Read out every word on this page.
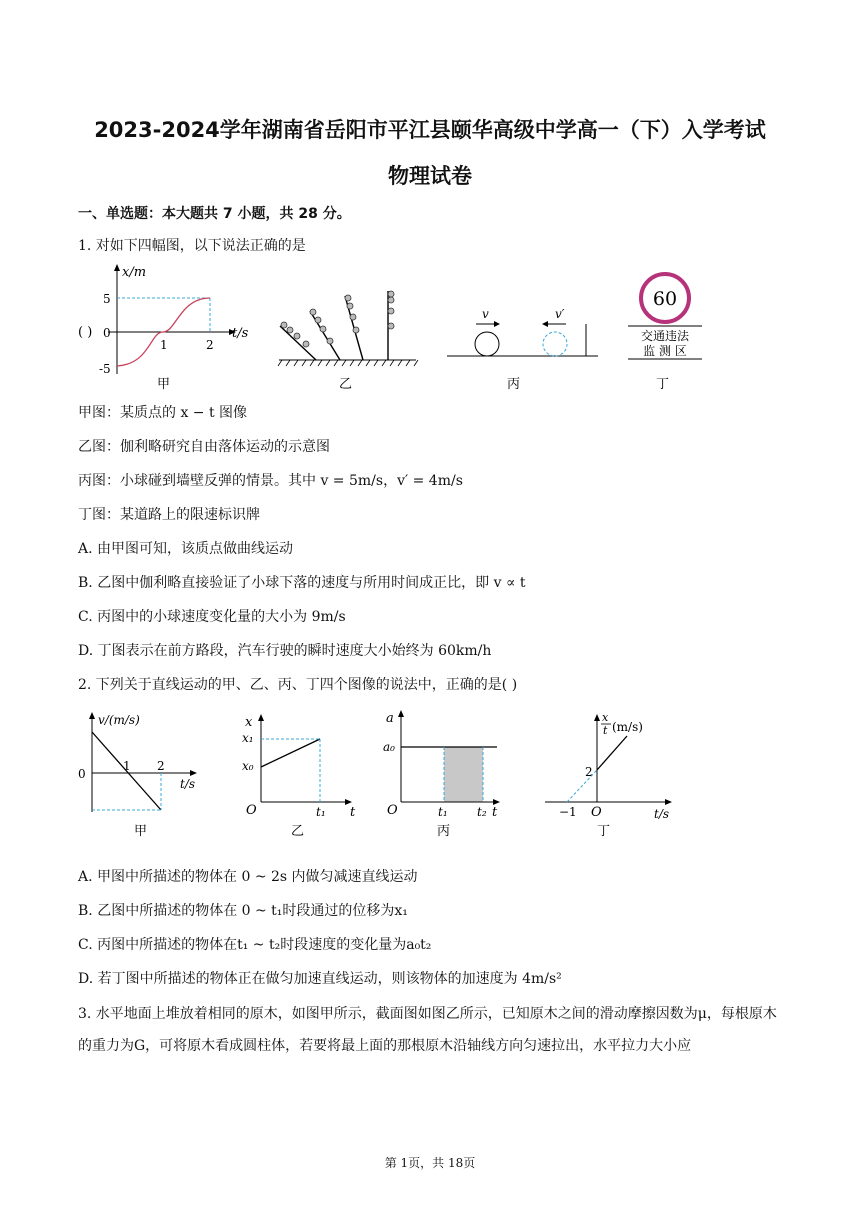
2023-2024学年湖南省岳阳市平江县颐华高级中学高一（下）入学考试
物理试卷
一、单选题：本大题共 7 小题，共 28 分。
1. 对如下四幅图，以下说法正确的是
( )
x/m
t/s
5
0
-5
1	2
甲	乙
v	v′
丙
60
交通违法
监 测 区
丁
甲图：某质点的 x − t 图像
乙图：伽利略研究自由落体运动的示意图
丙图：小球碰到墙壁反弹的情景。其中 v = 5m/s，v′ = 4m/s
丁图：某道路上的限速标识牌
A. 由甲图可知，该质点做曲线运动
B. 乙图中伽利略直接验证了小球下落的速度与所用时间成正比，即 v ∝ t
C. 丙图中的小球速度变化量的大小为 9m/s
D. 丁图表示在前方路段，汽车行驶的瞬时速度大小始终为 60km/h
2. 下列关于直线运动的甲、乙、丙、丁四个图像的说法中，正确的是( )
v/(m/s)
t/s
0
1 2
甲
x
t
O
x₁
x₀
t₁
乙
a
t
O
a₀
t₁ t₂
丙
x
t (m/s)
t/s
O
2
−1
丁
A. 甲图中所描述的物体在 0 ~ 2s 内做匀减速直线运动
B. 乙图中所描述的物体在 0 ~ t₁时段通过的位移为x₁
C. 丙图中所描述的物体在t₁ ~ t₂时段速度的变化量为a₀t₂
D. 若丁图中所描述的物体正在做匀加速直线运动，则该物体的加速度为 4m/s²
3. 水平地面上堆放着相同的原木，如图甲所示，截面图如图乙所示，已知原木之间的滑动摩擦因数为μ，每根原木的重力为G，可将原木看成圆柱体，若要将最上面的那根原木沿轴线方向匀速拉出，水平拉力大小应
第 1页，共 18页
